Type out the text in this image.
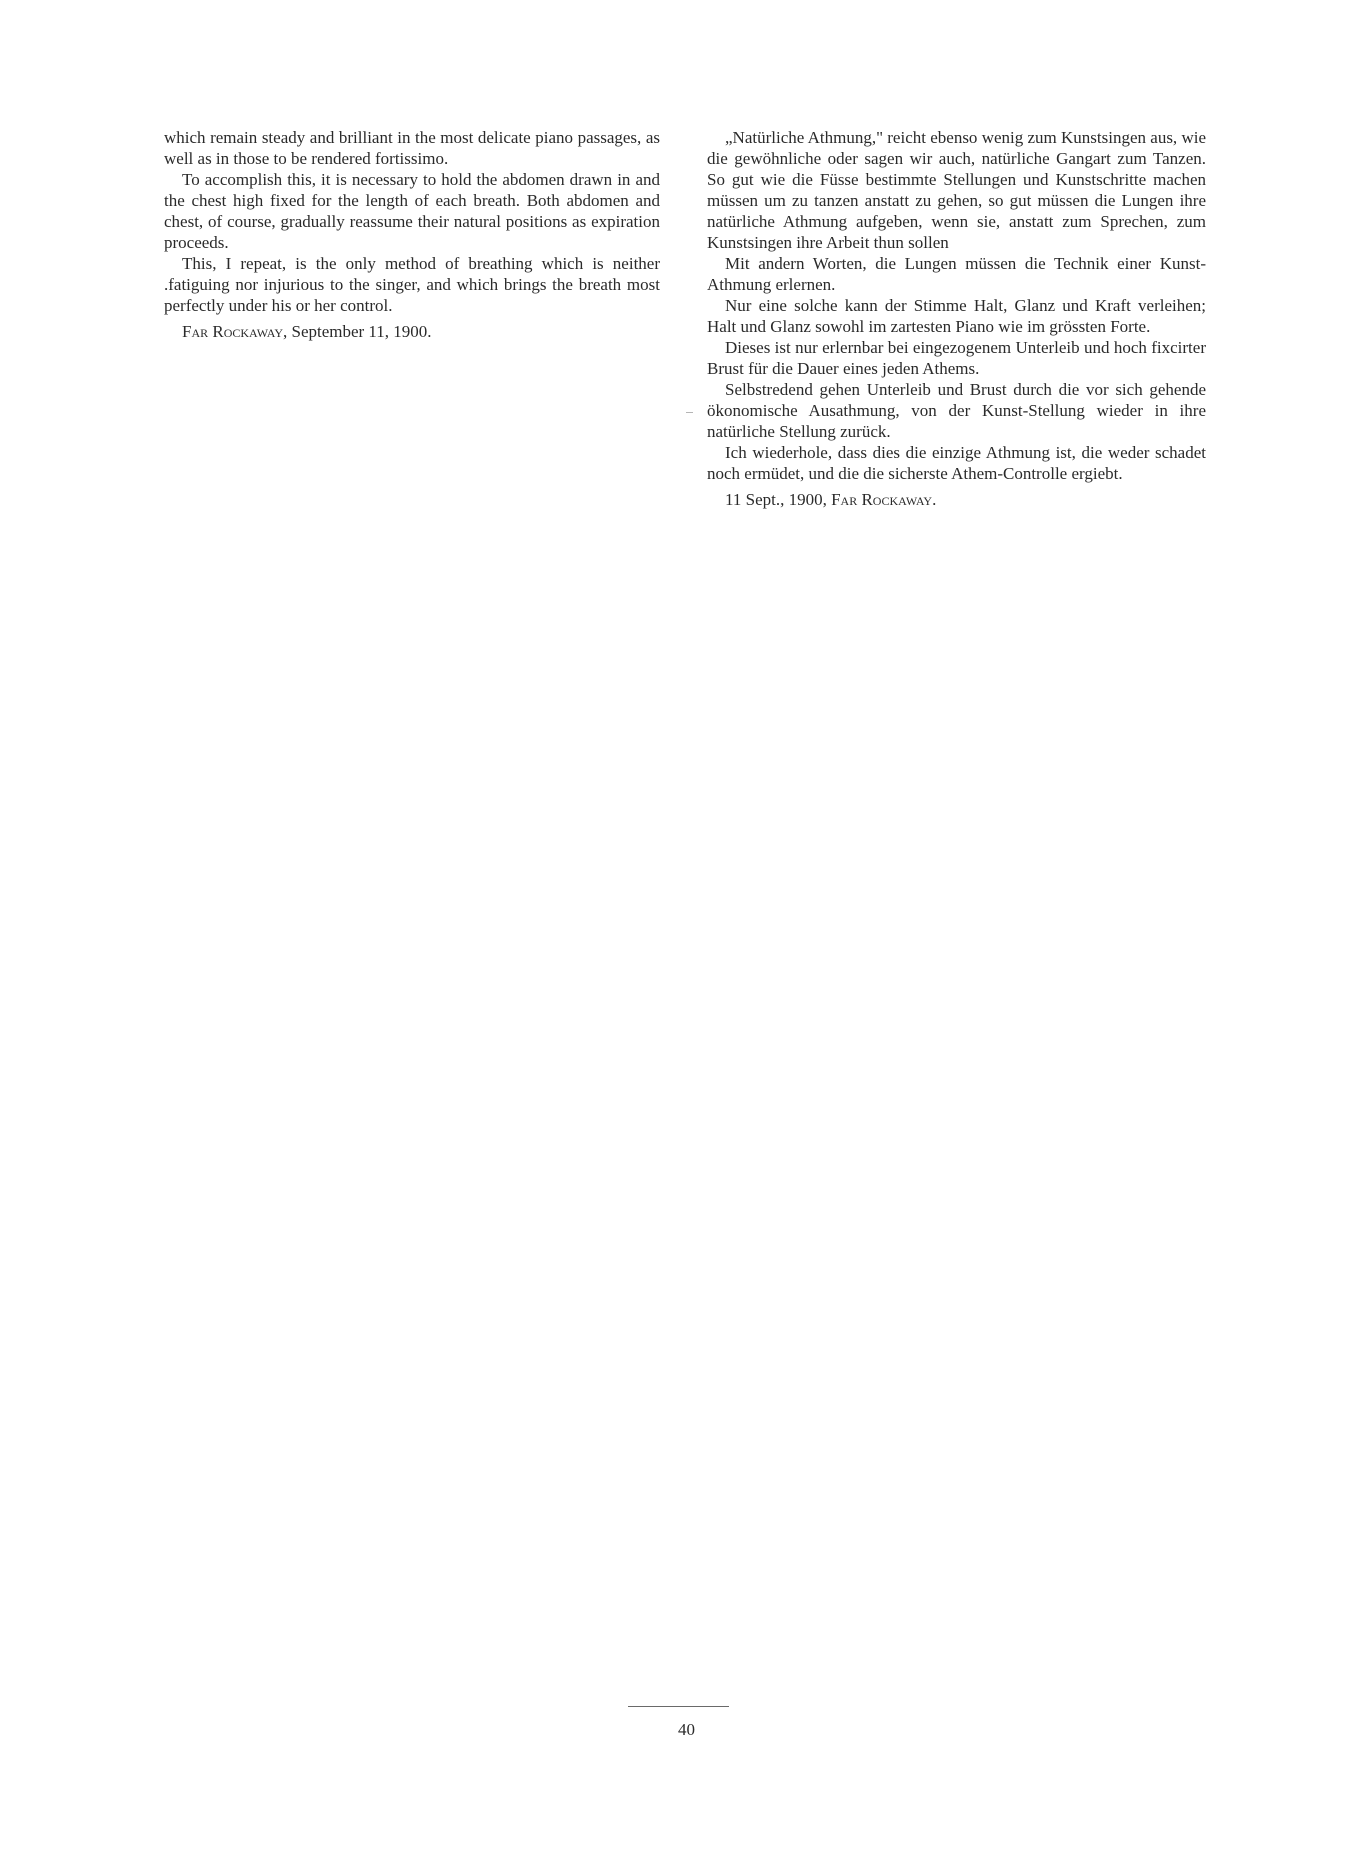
which remain steady and brilliant in the most delicate piano passages, as well as in those to be rendered fortissimo.

To accomplish this, it is necessary to hold the abdomen drawn in and the chest high fixed for the length of each breath. Both abdomen and chest, of course, gradually reassume their natural positions as expiration proceeds.

This, I repeat, is the only method of breathing which is neither .fatiguing nor injurious to the singer, and which brings the breath most perfectly under his or her control.

Far Rockaway, September 11, 1900.

„Natürliche Athmung," reicht ebenso wenig zum Kunstsingen aus, wie die gewöhnliche oder sagen wir auch, natürliche Gangart zum Tanzen. So gut wie die Füsse bestimmte Stellungen und Kunstschritte machen müssen um zu tanzen anstatt zu gehen, so gut müssen die Lungen ihre natürliche Athmung aufgeben, wenn sie, anstatt zum Sprechen, zum Kunstsingen ihre Arbeit thun sollen

Mit andern Worten, die Lungen müssen die Technik einer Kunst-Athmung erlernen.

Nur eine solche kann der Stimme Halt, Glanz und Kraft verleihen; Halt und Glanz sowohl im zartesten Piano wie im grössten Forte.

Dieses ist nur erlernbar bei eingezogenem Unterleib und hoch fixcirter Brust für die Dauer eines jeden Athems.

Selbstredend gehen Unterleib und Brust durch die vor sich gehende ökonomische Ausathmung, von der Kunst-Stellung wieder in ihre natürliche Stellung zurück.

Ich wiederhole, dass dies die einzige Athmung ist, die weder schadet noch ermüdet, und die die sicherste Athem-Controlle ergiebt.

11 Sept., 1900, Far Rockaway.

40
